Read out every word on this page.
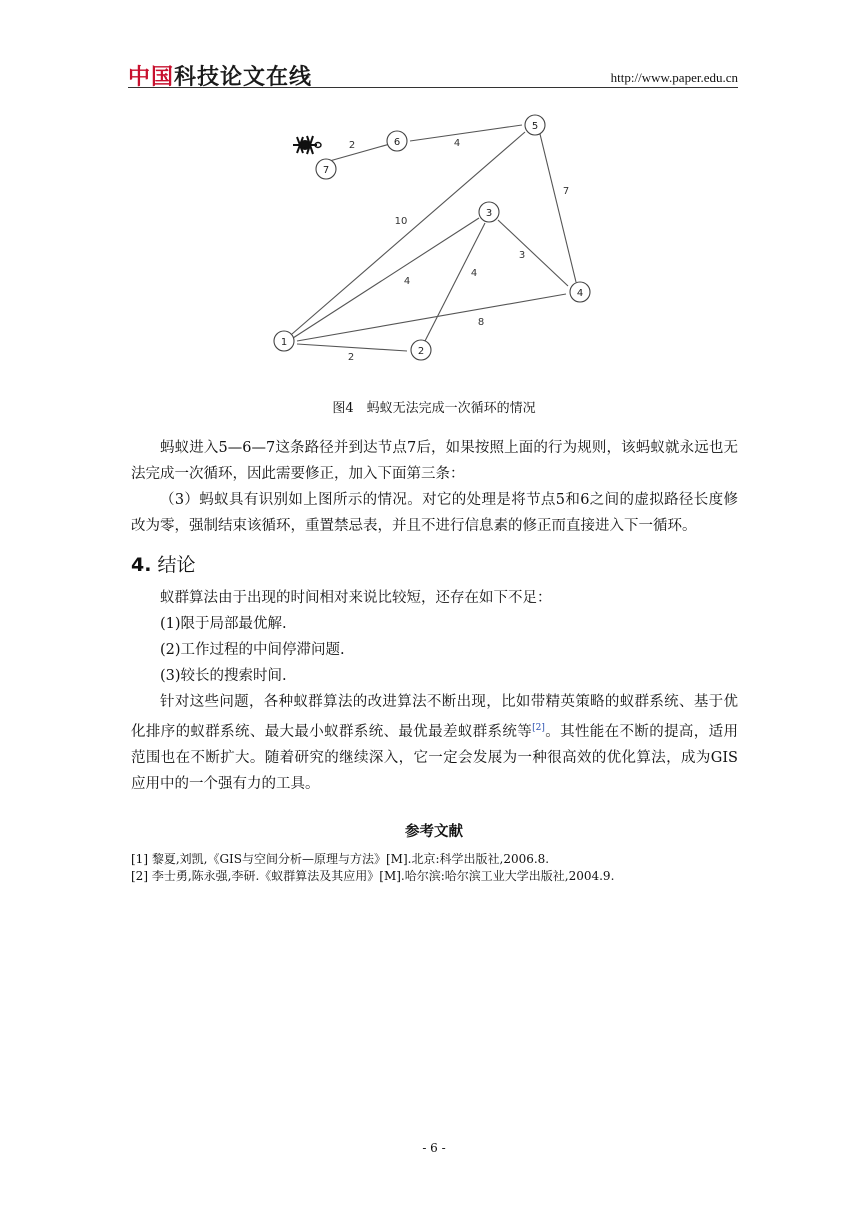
中国科技论文在线	http://www.paper.edu.cn
1
2
3
4
5
6
7
2	4
7
10
3
4
4
8
2
图4　蚂蚁无法完成一次循环的情况

蚂蚁进入5—6—7这条路径并到达节点7后，如果按照上面的行为规则，该蚂蚁就永远也无法完成一次循环，因此需要修正，加入下面第三条：

（3）蚂蚁具有识别如上图所示的情况。对它的处理是将节点5和6之间的虚拟路径长度修改为零，强制结束该循环，重置禁忌表，并且不进行信息素的修正而直接进入下一循环。

4. 结论

蚁群算法由于出现的时间相对来说比较短，还存在如下不足：

(1)限于局部最优解.

(2)工作过程的中间停滞问题.

(3)较长的搜索时间.

针对这些问题，各种蚁群算法的改进算法不断出现，比如带精英策略的蚁群系统、基于优化排序的蚁群系统、最大最小蚁群系统、最优最差蚁群系统等[2]。其性能在不断的提高，适用范围也在不断扩大。随着研究的继续深入，它一定会发展为一种很高效的优化算法，成为GIS应用中的一个强有力的工具。

参考文献
[1] 黎夏,刘凯,《GIS与空间分析—原理与方法》[M].北京:科学出版社,2006.8.
[2] 李士勇,陈永强,李研.《蚁群算法及其应用》[M].哈尔滨:哈尔滨工业大学出版社,2004.9.
- 6 -
